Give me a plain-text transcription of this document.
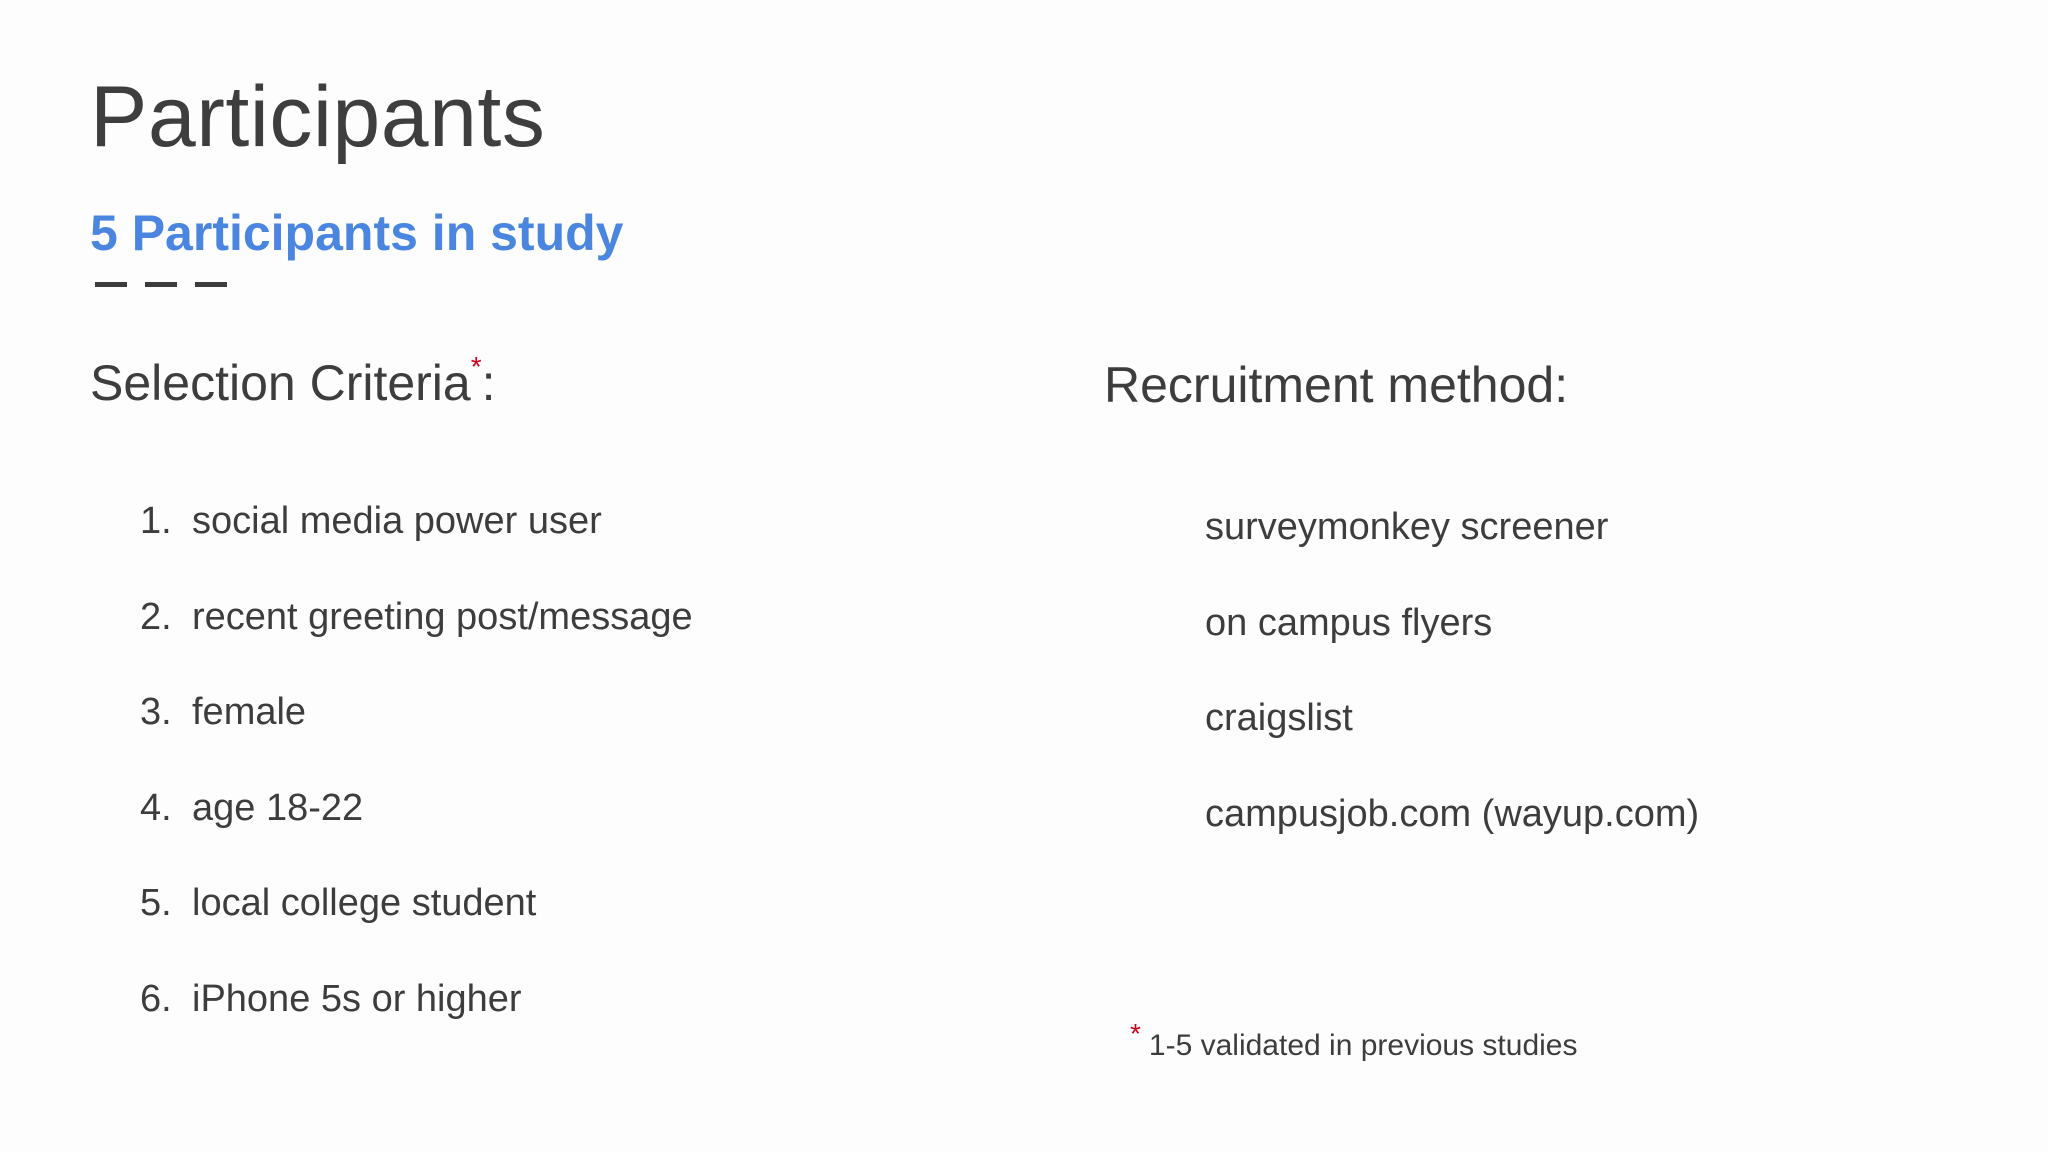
Participants
5 Participants in study
Selection Criteria*:	Recruitment method:
1. social media power user
2. recent greeting post/message
3. female
4. age 18-22
5. local college student
6. iPhone 5s or higher
surveymonkey screener
on campus flyers
craigslist
campusjob.com (wayup.com)
* 1-5 validated in previous studies
